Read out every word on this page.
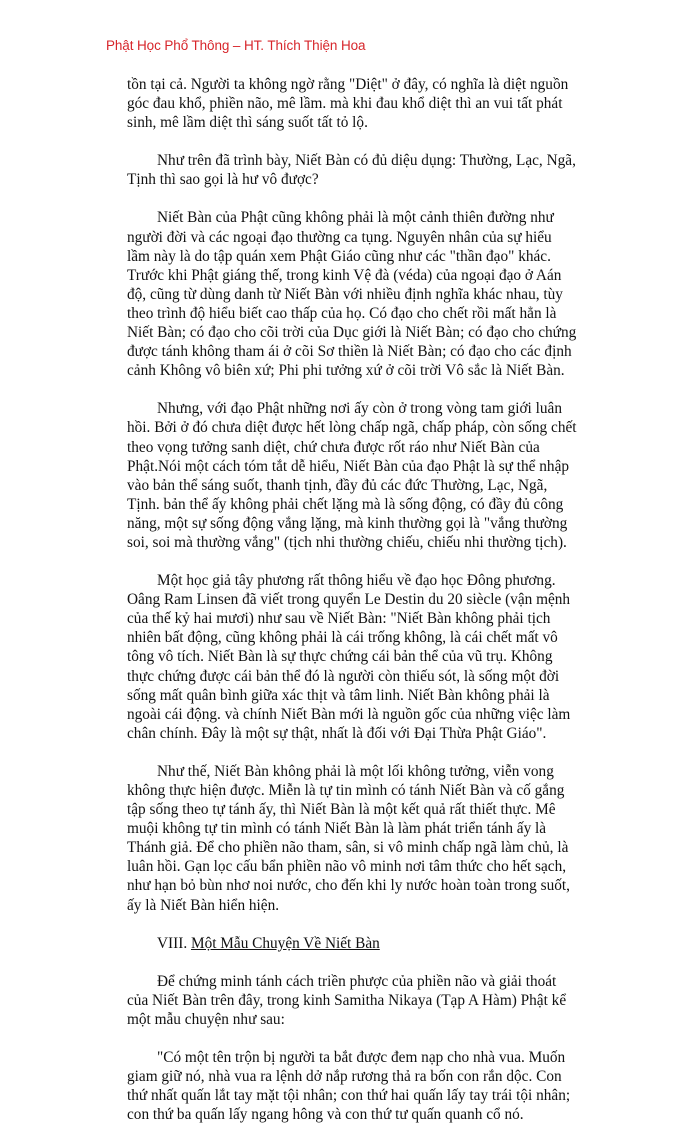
Phật Học Phổ Thông – HT. Thích Thiện Hoa

tồn tại cả. Người ta không ngờ rằng "Diệt" ở đây, có nghĩa là diệt nguồn góc đau khổ, phiền não, mê lầm. mà khi đau khổ diệt thì an vui tất phát sinh, mê lầm diệt thì sáng suốt tất tỏ lộ.

Như trên đã trình bày, Niết Bàn có đủ diệu dụng: Thường, Lạc, Ngã, Tịnh thì sao gọi là hư vô được?

Niết Bàn của Phật cũng không phải là một cảnh thiên đường như người đời và các ngoại đạo thường ca tụng. Nguyên nhân của sự hiểu lầm này là do tập quán xem Phật Giáo cũng như các "thần đạo" khác. Trước khi Phật giáng thế, trong kinh Vệ đà (véda) của ngoại đạo ở Aán độ, cũng từ dùng danh từ Niết Bàn với nhiều định nghĩa khác nhau, tùy theo trình độ hiểu biết cao thấp của họ. Có đạo cho chết rồi mất hẳn là Niết Bàn; có đạo cho cõi trời của Dục giới là Niết Bàn; có đạo cho chứng được tánh không tham ái ở cõi Sơ thiền là Niết Bàn; có đạo cho các định cảnh Không vô biên xứ; Phi phi tưởng xứ ở cõi trời Vô sắc là Niết Bàn.

Nhưng, với đạo Phật những nơi ấy còn ở trong vòng tam giới luân hồi. Bởi ở đó chưa diệt được hết lòng chấp ngã, chấp pháp, còn sống chết theo vọng tưởng sanh diệt, chứ chưa được rốt ráo như Niết Bàn của Phật.Nói một cách tóm tắt dễ hiểu, Niết Bàn của đạo Phật là sự thể nhập vào bản thể sáng suốt, thanh tịnh, đầy đủ các đức Thường, Lạc, Ngã, Tịnh. bản thể ấy không phải chết lặng mà là sống động, có đầy đủ công năng, một sự sống động vắng lặng, mà kinh thường gọi là "vắng thường soi, soi mà thường vắng" (tịch nhi thường chiếu, chiếu nhi thường tịch).

Một học giả tây phương rất thông hiểu về đạo học Đông phương. Oâng Ram Linsen đã viết trong quyển Le Destin du 20 siècle (vận mệnh của thế kỷ hai mươi) như sau về Niết Bàn: "Niết Bàn không phải tịch nhiên bất động, cũng không phải là cái trống không, là cái chết mất vô tông vô tích. Niết Bàn là sự thực chứng cái bản thể của vũ trụ. Không thực chứng được cái bản thể đó là người còn thiếu sót, là sống một đời sống mất quân bình giữa xác thịt và tâm linh. Niết Bàn không phải là ngoài cái động. và chính Niết Bàn mới là nguồn gốc của những việc làm chân chính. Đây là một sự thật, nhất là đối với Đại Thừa Phật Giáo".

Như thế, Niết Bàn không phải là một lối không tưởng, viễn vong không thực hiện được. Miễn là tự tin mình có tánh Niết Bàn và cố gắng tập sống theo tự tánh ấy, thì Niết Bàn là một kết quả rất thiết thực. Mê muội không tự tin mình có tánh Niết Bàn là làm phát triển tánh ấy là Thánh giả. Để cho phiền não tham, sân, si vô minh chấp ngã làm chủ, là luân hồi. Gạn lọc cấu bẩn phiền não vô minh nơi tâm thức cho hết sạch, như hạn bỏ bùn nhơ noi nước, cho đến khi ly nước hoàn toàn trong suốt, ấy là Niết Bàn hiển hiện.

VIII. Một Mẫu Chuyện Về Niết Bàn

Để chứng minh tánh cách triền phược của phiền não và giải thoát của Niết Bàn trên đây, trong kinh Samitha Nikaya (Tạp A Hàm) Phật kể một mẫu chuyện như sau:

"Có một tên trộn bị người ta bắt được đem nạp cho nhà vua. Muốn giam giữ nó, nhà vua ra lệnh dở nắp rương thả ra bốn con rắn dộc. Con thứ nhất quấn lắt tay mặt tội nhân; con thứ hai quấn lấy tay trái tội nhân; con thứ ba quấn lấy ngang hông và con thứ tư quấn quanh cổ nó.
